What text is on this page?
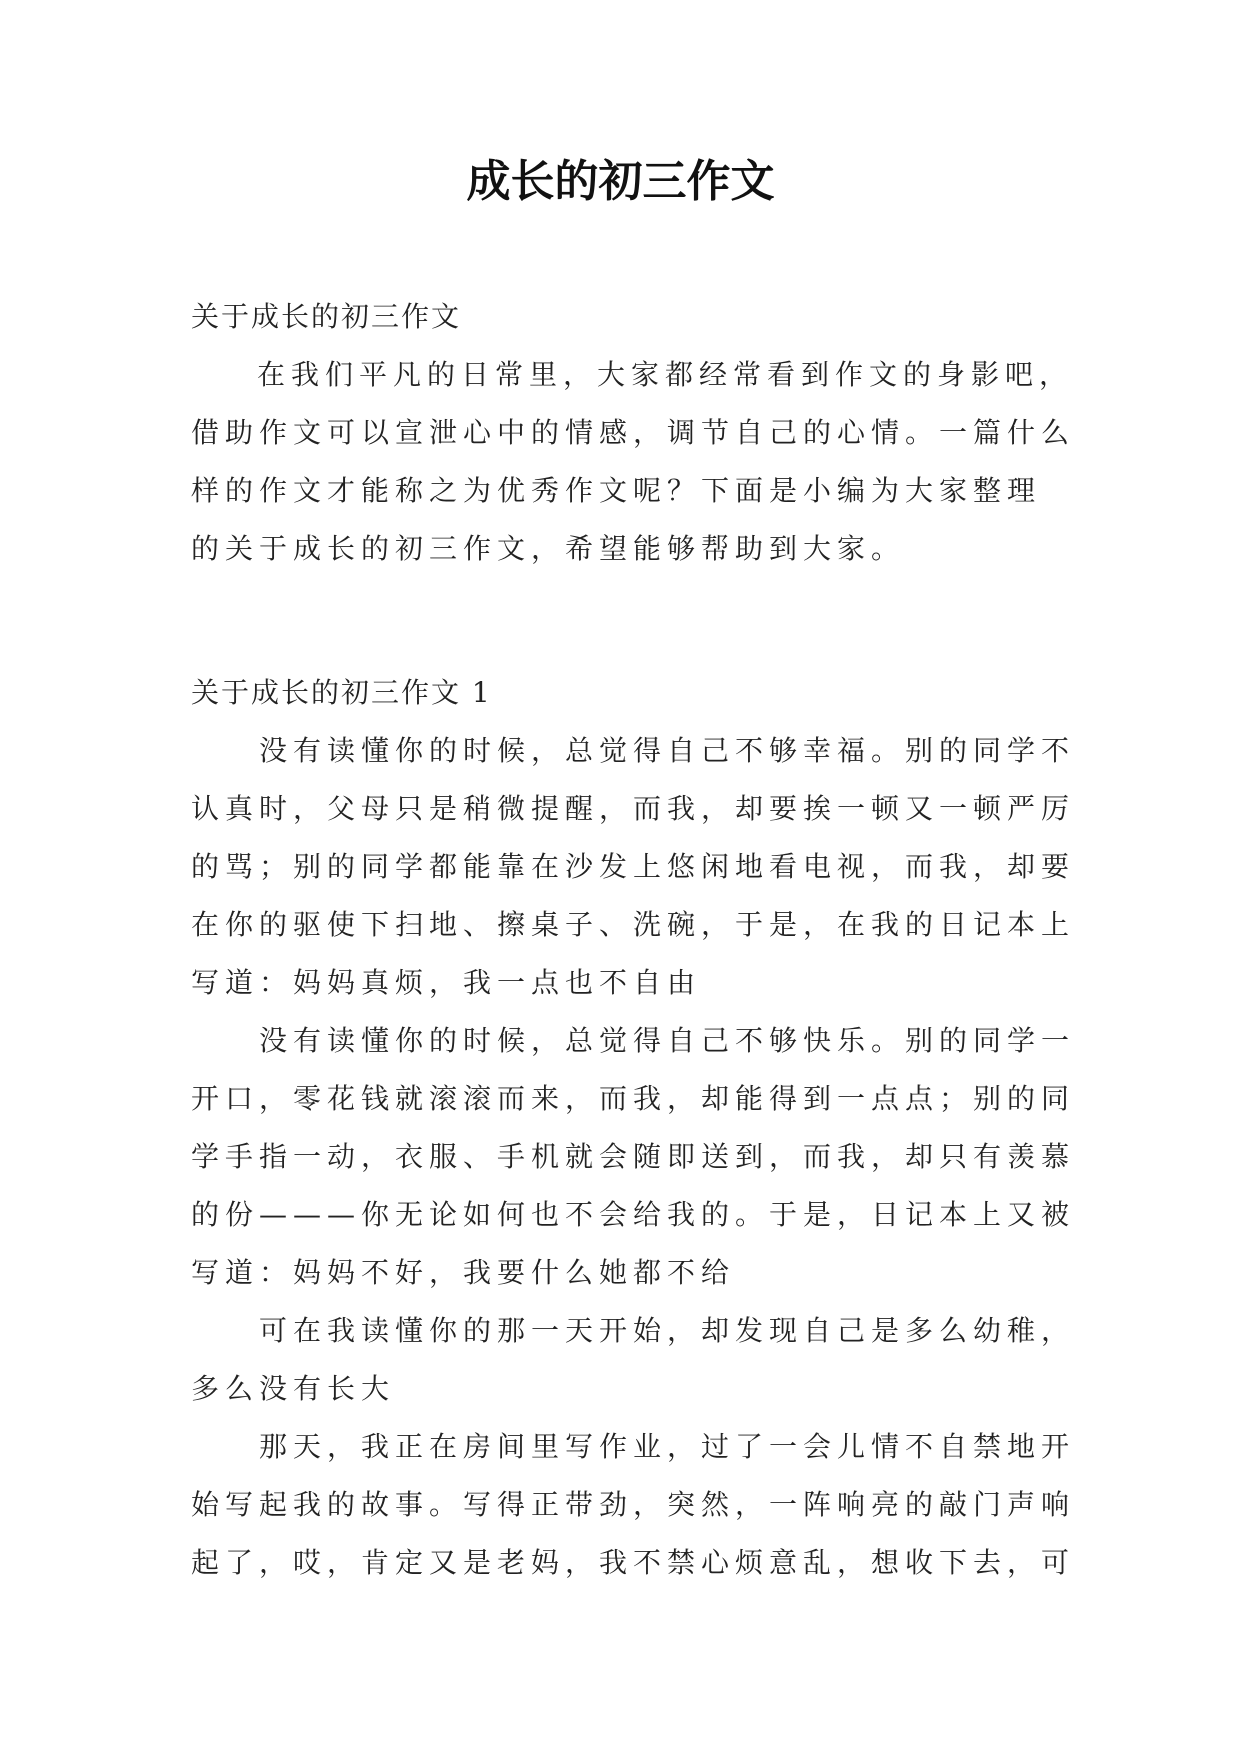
成长的初三作文
关于成长的初三作文
在我们平凡的日常里，大家都经常看到作文的身影吧，
借助作文可以宣泄心中的情感，调节自己的心情。一篇什么
样的作文才能称之为优秀作文呢？下面是小编为大家整理
的关于成长的初三作文，希望能够帮助到大家。
关于成长的初三作文 1
没有读懂你的时候，总觉得自己不够幸福。别的同学不
认真时，父母只是稍微提醒，而我，却要挨一顿又一顿严厉
的骂；别的同学都能靠在沙发上悠闲地看电视，而我，却要
在你的驱使下扫地、擦桌子、洗碗，于是，在我的日记本上
写道：妈妈真烦，我一点也不自由
没有读懂你的时候，总觉得自己不够快乐。别的同学一
开口，零花钱就滚滚而来，而我，却能得到一点点；别的同
学手指一动，衣服、手机就会随即送到，而我，却只有羡慕
的份———你无论如何也不会给我的。于是，日记本上又被
写道：妈妈不好，我要什么她都不给
可在我读懂你的那一天开始，却发现自己是多么幼稚，
多么没有长大
那天，我正在房间里写作业，过了一会儿情不自禁地开
始写起我的故事。写得正带劲，突然，一阵响亮的敲门声响
起了，哎，肯定又是老妈，我不禁心烦意乱，想收下去，可
